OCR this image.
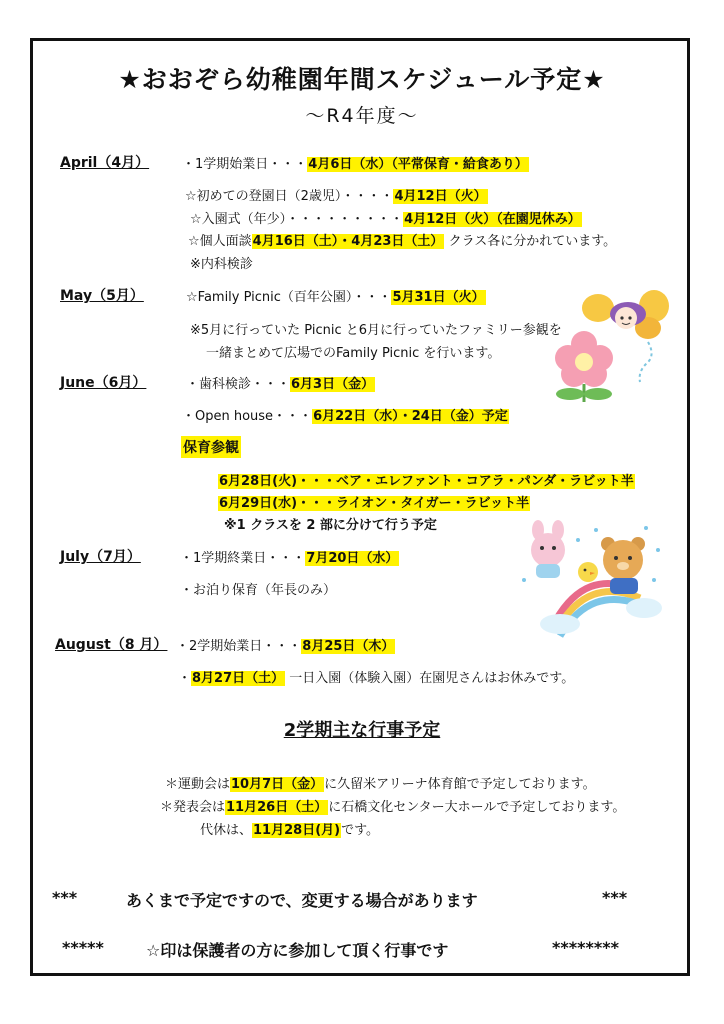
★おおぞら幼稚園年間スケジュール予定★
～R4年度～
April（4月）	・1学期始業日・・・4月6日（水）（平常保育・給食あり）
☆初めての登園日（2歳児）・・・・4月12日（火）
☆入園式（年少）・・・・・・・・・4月12日（火）（在園児休み）
☆個人面談4月16日（土）・4月23日（土） クラス各に分かれています。
※内科検診
May（5月）	☆Family Picnic（百年公園）・・・5月31日（火）
※5月に行っていた Picnic と6月に行っていたファミリー参観を
一緒まとめて広場でのFamily Picnic を行います。
June（6月）	・歯科検診・・・6月3日（金）
・Open house・・・6月22日（水）・24日（金）予定
保育参観
6月28日(火)・・・ベア・エレファント・コアラ・パンダ・ラビット半
6月29日(水)・・・ライオン・タイガー・ラビット半
※1 クラスを 2 部に分けて行う予定
July（7月）	・1学期終業日・・・7月20日（水）
・お泊り保育（年長のみ）
August（8 月） ・2学期始業日・・・8月25日（木）
・8月27日（土） 一日入園（体験入園）在園児さんはお休みです。
2学期主な行事予定
＊運動会は10月7日（金）に久留米アリーナ体育館で予定しております。
＊発表会は11月26日（土）に石橋文化センター大ホールで予定しております。
代休は、11月28日(月)です。
***	あくまで予定ですので、変更する場合があります	***
*****	☆印は保護者の方に参加して頂く行事です	********
